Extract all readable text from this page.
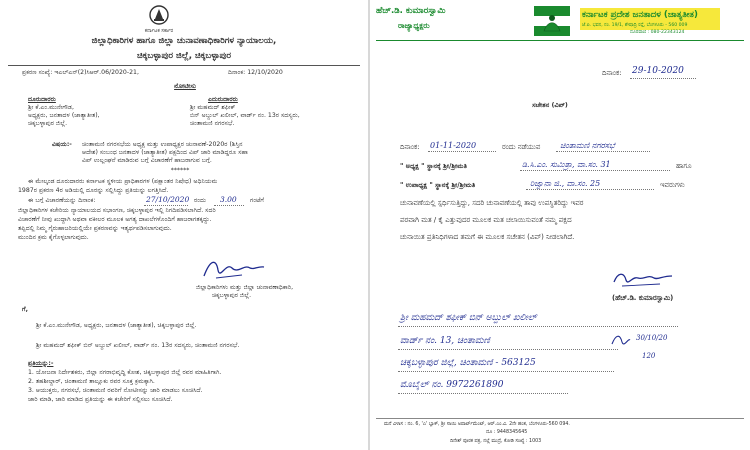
ಕರ್ನಾಟಕ ಸರ್ಕಾರ
ಜಿಲ್ಲಾಧಿಕಾರಿಗಳ ಹಾಗೂ ಜಿಲ್ಲಾ ಚುನಾವಣಾಧಿಕಾರಿಗಳ ನ್ಯಾಯಾಲಯ,
ಚಿಕ್ಕಬಳ್ಳಾಪುರ ಜಿಲ್ಲೆ, ಚಿಕ್ಕಬಳ್ಳಾಪುರ
ಪ್ರಕರಣ ಸಂಖ್ಯೆ: ಇಎಲ್ಎನ್(2)ಸಿಆರ್.06/2020-21,	ದಿನಾಂಕ: 12/10/2020
ನೋಟೀಸು
ದೂರುದಾರರು
ಶ್ರೀ ಕೆ.ಎಂ.ಮುನೇಗೌಡ,
ಅಧ್ಯಕ್ಷರು, ಜನತಾದಳ (ಜಾತ್ಯಾತೀತ),
ಚಿಕ್ಕಬಳ್ಳಾಪುರ ಜಿಲ್ಲೆ.
ಎದುರುದಾರರು
ಶ್ರೀ ಮಹಮದ್ ಶಫೀಕ್
ಬಿನ್ ಅಬ್ದುಲ್ ಖಲೀಲ್, ವಾರ್ಡ್ ನಂ. 13ರ ಸದಸ್ಯರು,
ಚಿಂತಾಮಣಿ ನಗರಸಭೆ.
ವಿಷಯ:- ಚಿಂತಾಮಣಿ ನಗರಸಭೆಯ ಅಧ್ಯಕ್ಷ ಮತ್ತು ಉಪಾಧ್ಯಕ್ಷರ ಚುನಾವಣೆ-2020ರ (ಶಿಸ್ತಿನ
ಆದೇಶ) ಸಂಬಂಧ ಜನತಾದಳ (ಜಾತ್ಯಾತೀತ) ಪಕ್ಷದಿಂದ ವಿಪ್ ಜಾರಿ ಮಾಡಿದ್ದರೂ ಸಹಾ
ವಿಪ್ ಉಲ್ಲಂಘನೆ ಮಾಡಿರುವ ಬಗ್ಗೆ ವಿಚಾರಣೆಗೆ ಹಾಜರಾಗುವ ಬಗ್ಗೆ.
******
ಈ ಮೇಲ್ಕಂಡ ದೂರುದಾರರು ಕರ್ನಾಟಕ ಸ್ಥಳೀಯ ಪ್ರಾಧಿಕಾರಗಳ (ಪಕ್ಷಾಂತರ ನಿಷೇಧ) ಅಧಿನಿಯಮ
1987ರ ಪ್ರಕರಣ 4ರ ಅಡಿಯಲ್ಲಿ ದೂರನ್ನು ಸಲ್ಲಿಸಿದ್ದು ಪ್ರತಿಯನ್ನು ಲಗತ್ತಿಸಿದೆ.
ಈ ಬಗ್ಗೆ ವಿಚಾರಣೆಯನ್ನು ದಿನಾಂಕ:	27/10/2020 ರಂದು 3.00 ಗಂಟೆಗೆ
ಜಿಲ್ಲಾಧಿಕಾರಿಗಳ ಕಚೇರಿಯ ನ್ಯಾಯಾಲಯದ ಸಭಾಂಗಣ, ಚಿಕ್ಕಬಳ್ಳಾಪುರ ಇಲ್ಲಿ ನಿಗದಿಪಡಿಸಲಾಗಿದೆ. ಸದರಿ
ವಿಚಾರಣೆಗೆ ನೀವು ಖುದ್ದಾಗಿ ಅಥವಾ ವಕೀಲರ ಮೂಲಕ ಅಗತ್ಯ ದಾಖಲೆಗಳೊಂದಿಗೆ ಹಾಜರಾಗತಕ್ಕದ್ದು.
ತಪ್ಪಿದಲ್ಲಿ ನಿಮ್ಮ ಗೈರುಹಾಜರಿಯಲ್ಲಿಯೇ ಪ್ರಕರಣವನ್ನು ಇತ್ಯರ್ಥಪಡಿಸಲಾಗುವುದು.
ಮುಂದಿನ ಕ್ರಮ ಕೈಗೊಳ್ಳಲಾಗುವುದು.
ಜಿಲ್ಲಾಧಿಕಾರಿಗಳು ಮತ್ತು ಜಿಲ್ಲಾ ಚುನಾವಣಾಧಿಕಾರಿ,
ಚಿಕ್ಕಬಳ್ಳಾಪುರ ಜಿಲ್ಲೆ.
ಗೆ,
ಶ್ರೀ ಕೆ.ಎಂ.ಮುನೇಗೌಡ, ಅಧ್ಯಕ್ಷರು, ಜನತಾದಳ (ಜಾತ್ಯಾತೀತ), ಚಿಕ್ಕಬಳ್ಳಾಪುರ ಜಿಲ್ಲೆ.
ಶ್ರೀ ಮಹಮದ್ ಶಫೀಕ್ ಬಿನ್ ಅಬ್ದುಲ್ ಖಲೀಲ್, ವಾರ್ಡ್ ನಂ. 13ರ ಸದಸ್ಯರು, ಚಿಂತಾಮಣಿ ನಗರಸಭೆ.
ಪ್ರತಿಯನ್ನು:-
1. ಯೋಜನಾ ನಿರ್ದೇಶಕರು, ಜಿಲ್ಲಾ ನಗರಾಭಿವೃದ್ಧಿ ಕೋಶ, ಚಿಕ್ಕಬಳ್ಳಾಪುರ ಜಿಲ್ಲೆ ರವರ ಮಾಹಿತಿಗಾಗಿ.
2. ತಹಶೀಲ್ದಾರ್, ಚಿಂತಾಮಣಿ ತಾಲ್ಲೂಕು ರವರ ಸೂಕ್ತ ಕ್ರಮಕ್ಕಾಗಿ.
3. ಆಯುಕ್ತರು, ನಗರಸಭೆ, ಚಿಂತಾಮಣಿ ರವರಿಗೆ ನೋಟೀಸನ್ನು ಜಾರಿ ಮಾಡಲು ಸೂಚಿಸಿದೆ.
ಜಾರಿ ಮಾಡಿ, ಜಾರಿ ಮಾಡಿದ ಪ್ರತಿಯನ್ನು ಈ ಕಚೇರಿಗೆ ಸಲ್ಲಿಸಲು ಸೂಚಿಸಿದೆ.
ಹೆಚ್.ಡಿ. ಕುಮಾರಸ್ವಾಮಿ
ರಾಜ್ಯಾಧ್ಯಕ್ಷರು
ಕರ್ನಾಟಕ ಪ್ರದೇಶ ಜನತಾದಳ (ಜಾತ್ಯತೀತ)
ಜೆ.ಪಿ. ಭವನ, ನಂ. 19/1, ಶೇಷಾದ್ರಿ ರಸ್ತೆ, ಬೆಂಗಳೂರು - 560 009
ದೂರವಾಣಿ : 080-22343124
ದಿನಾಂಕ: 29-10-2020
ಸಚೇತನ (ವಿಪ್)
ದಿನಾಂಕ: 01-11-2020	ರಂದು ನಡೆಯುವ ಚಿಂತಾಮಣಿ ನಗರಸಭೆ
" ಅಧ್ಯಕ್ಷ " ಸ್ಥಾನಕ್ಕೆ ಶ್ರೀ/ಶ್ರೀಮತಿ	ಡಿ.ಸಿ.ಎಂ. ಸುಮಿತ್ರಾ, ವಾ.ಸಂ. 31	ಹಾಗೂ
" ಉಪಾಧ್ಯಕ್ಷ " ಸ್ಥಾನಕ್ಕೆ ಶ್ರೀ/ಶ್ರೀಮತಿ	ರಿಜ್ವಾನಾ ಜಿ., ವಾ.ಸಂ. 25	ಇವರುಗಳು
ಚುನಾವಣೆಯಲ್ಲಿ ಸ್ಪರ್ಧಿಸುತ್ತಿದ್ದು, ಸದರಿ ಚುನಾವಣೆಯಲ್ಲಿ ತಾವು ಉಪಸ್ಥಿತರಿದ್ದು ಇವರ
ಪರವಾಗಿ ಮತ / ಕೈ ಎತ್ತುವುದರ ಮೂಲಕ ಮತ ಚಲಾಯಿಸುವಂತೆ ನಮ್ಮ ಪಕ್ಷದ
ಚುನಾಯಿತ ಪ್ರತಿನಿಧಿಗಳಾದ ತಮಗೆ ಈ ಮೂಲಕ ಸಚೇತನ (ವಿಪ್) ನೀಡಲಾಗಿದೆ.
(ಹೆಚ್.ಡಿ. ಕುಮಾರಸ್ವಾಮಿ)
ಶ್ರೀ ಮಹಮದ್ ಶಫೀಕ್ ಬಿನ್ ಅಬ್ದುಲ್ ಖಲೀಲ್
ವಾರ್ಡ್ ನಂ. 13, ಚಿಂತಾಮಣಿ
ಚಿಕ್ಕಬಳ್ಳಾಪುರ ಜಿಲ್ಲೆ, ಚಿಂತಾಮಣಿ - 563125
ಮೊಬೈಲ್ ನಂ. 9972261890
30/10/20
120
ಮನೆ ವಿಳಾಸ : ನಂ. 6, 'ಎ' ಬ್ಲಾಕ್, ಶ್ರೀ ಸಾಯಿ ಅಪಾರ್ಟ್‌ಮೆಂಟ್, ಆರ್.ಎಂ.ವಿ. 2ನೇ ಹಂತ, ಬೆಂಗಳೂರು-560 094.
ದೂ : 9448345645
ದಿನೇಶ್ ಪೂರಕ ಪತ್ರ, ನಲ್ಲೆ ಮುದ್ರೆ, ಕೋಡಿ ಸಂಖ್ಯೆ : 1003
